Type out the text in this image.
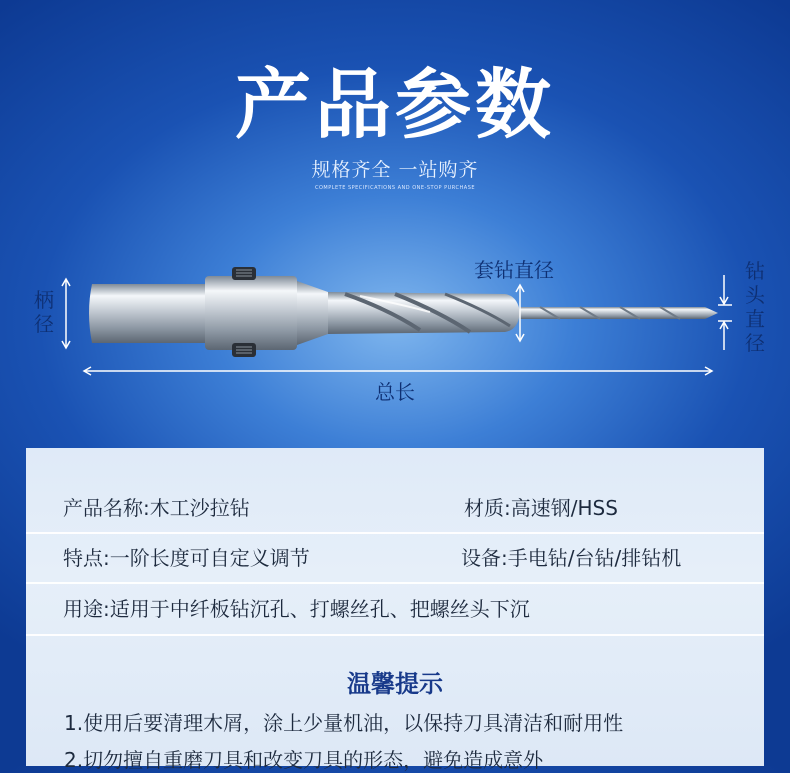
产品参数
规格齐全 一站购齐
COMPLETE SPECIFICATIONS AND ONE-STOP PURCHASE
柄径
套钻直径	钻头直径
总长
产品名称:木工沙拉钻	材质:高速钢/HSS
特点:一阶长度可自定义调节	设备:手电钻/台钻/排钻机
用途:适用于中纤板钻沉孔、打螺丝孔、把螺丝头下沉
温馨提示
1.使用后要清理木屑，涂上少量机油，以保持刀具清洁和耐用性
2.切勿擅自重磨刀具和改变刀具的形态，避免造成意外
